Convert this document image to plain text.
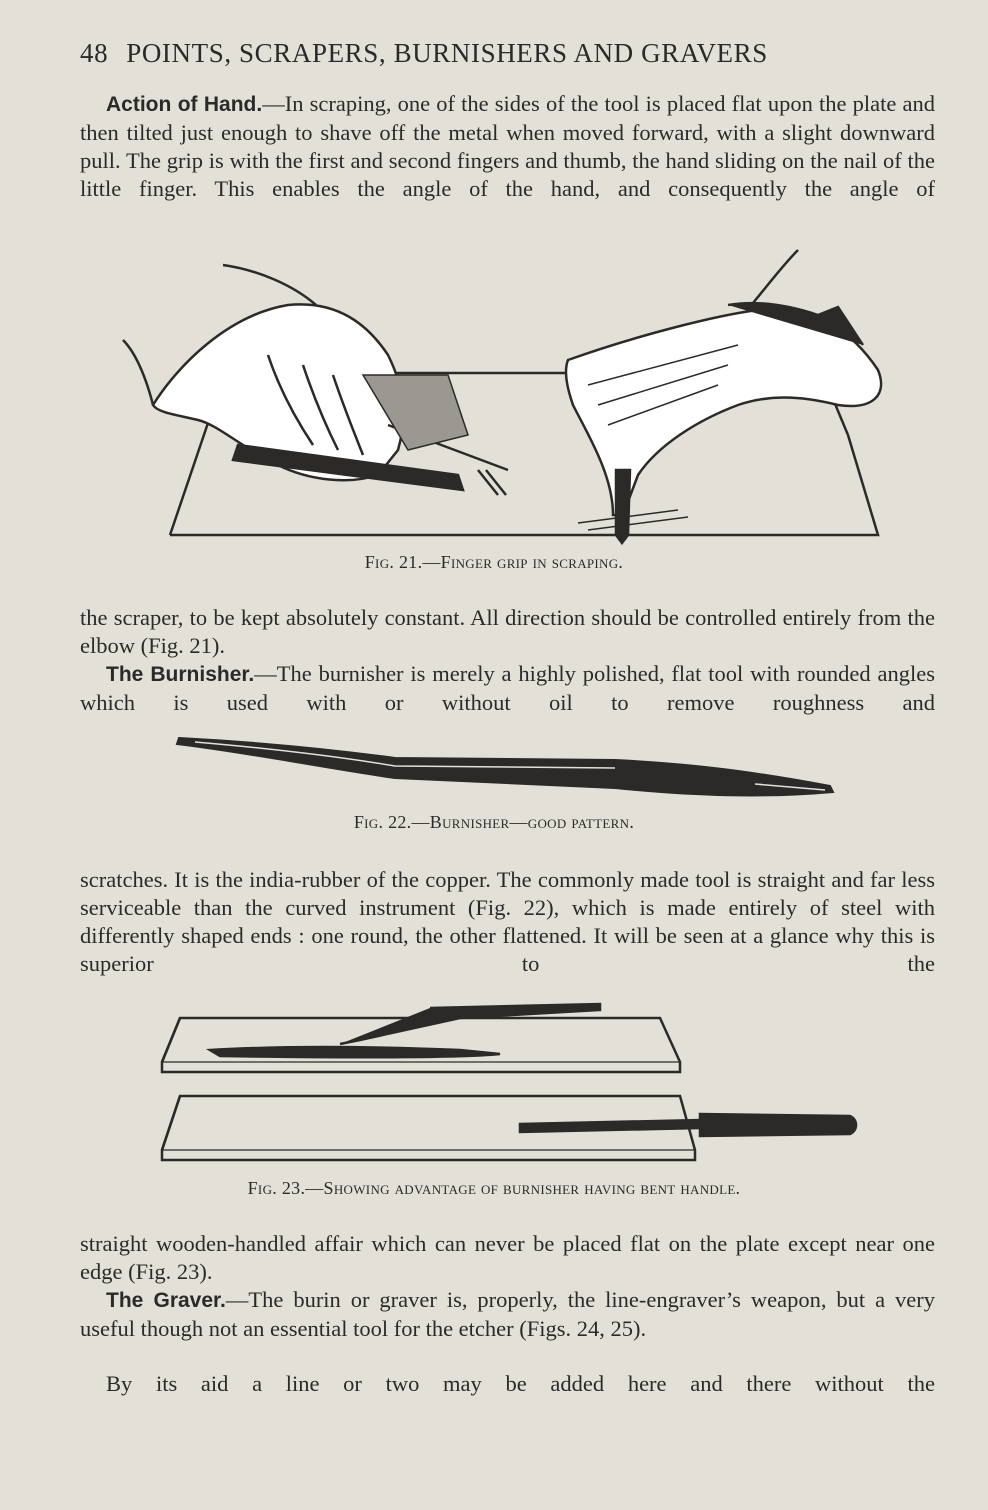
48 POINTS, SCRAPERS, BURNISHERS AND GRAVERS
Action of Hand.—In scraping, one of the sides of the tool is placed flat upon the plate and then tilted just enough to shave off the metal when moved forward, with a slight downward pull. The grip is with the first and second fingers and thumb, the hand sliding on the nail of the little finger. This enables the angle of the hand, and consequently the angle of
Fig. 21.—Finger grip in scraping.
the scraper, to be kept absolutely constant. All direction should be controlled entirely from the elbow (Fig. 21).
The Burnisher.—The burnisher is merely a highly polished, flat tool with rounded angles which is used with or without oil to remove roughness and
Fig. 22.—Burnisher—good pattern.
scratches. It is the india-rubber of the copper. The commonly made tool is straight and far less serviceable than the curved instrument (Fig. 22), which is made entirely of steel with differently shaped ends : one round, the other flattened. It will be seen at a glance why this is superior to the
Fig. 23.—Showing advantage of burnisher having bent handle.
straight wooden-handled affair which can never be placed flat on the plate except near one edge (Fig. 23).
The Graver.—The burin or graver is, properly, the line-engraver’s weapon, but a very useful though not an essential tool for the etcher (Figs. 24, 25).
By its aid a line or two may be added here and there without the
